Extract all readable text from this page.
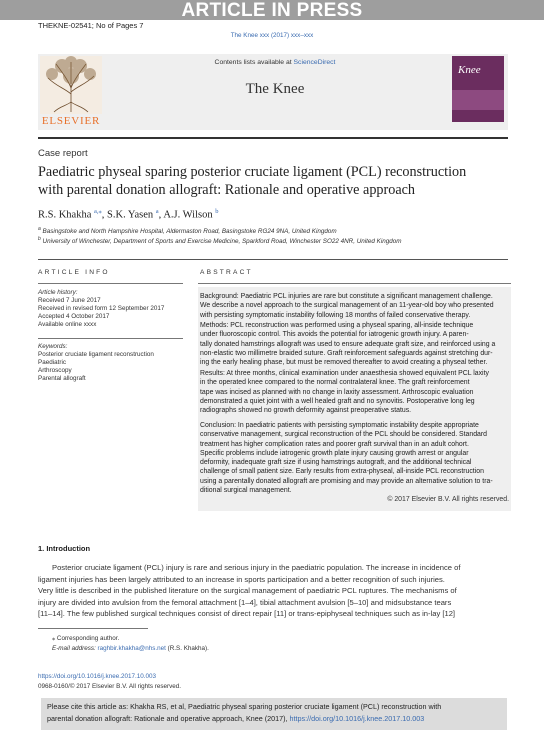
ARTICLE IN PRESS
THEKNE-02541; No of Pages 7
The Knee xxx (2017) xxx–xxx
ELSEVIER
Contents lists available at ScienceDirect
The Knee
Knee
Case report
Paediatric physeal sparing posterior cruciate ligament (PCL) reconstruction
with parental donation allograft: Rationale and operative approach
R.S. Khakha $^{a,⁎}$, S.K. Yasen $^a$, A.J. Wilson $^b$
$^a$ Basingstoke and North Hampshire Hospital, Aldermaston Road, Basingstoke RG24 9NA, United Kingdom
$^b$ University of Winchester, Department of Sports and Exercise Medicine, Sparkford Road, Winchester SO22 4NR, United Kingdom
ARTICLE INFO
Article history:
Received 7 June 2017
Received in revised form 12 September 2017
Accepted 4 October 2017
Available online xxxx
Keywords:
Posterior cruciate ligament reconstruction
Paediatric
Arthroscopy
Parental allograft
ABSTRACT
Background: Paediatric PCL injuries are rare but constitute a significant management challenge.
We describe a novel approach to the surgical management of an 11-year-old boy who presented
with persisting symptomatic instability following 18 months of failed conservative therapy.
Methods: PCL reconstruction was performed using a physeal sparing, all-inside technique
under fluoroscopic control. This avoids the potential for iatrogenic growth injury. A paren-
tally donated hamstrings allograft was used to ensure adequate graft size, and reinforced using a
non-elastic two millimetre braided suture. Graft reinforcement safeguards against stretching dur-
ing the early healing phase, but must be removed thereafter to avoid creating a physeal tether.
Results: At three months, clinical examination under anaesthesia showed equivalent PCL laxity
in the operated knee compared to the normal contralateral knee. The graft reinforcement
tape was incised as planned with no change in laxity assessment. Arthroscopic evaluation
demonstrated a quiet joint with a well healed graft and no synovitis. Postoperative long leg
radiographs showed no growth deformity against preoperative status.
Conclusion: In paediatric patients with persisting symptomatic instability despite appropriate
conservative management, surgical reconstruction of the PCL should be considered. Standard
treatment has higher complication rates and poorer graft survival than in an adult cohort.
Specific problems include iatrogenic growth plate injury causing growth arrest or angular
deformity, inadequate graft size if using hamstrings autograft, and the additional technical
challenge of small patient size. Early results from extra-physeal, all-inside PCL reconstruction
using a parentally donated allograft are promising and may provide an alternative solution to tra-
ditional surgical management.
© 2017 Elsevier B.V. All rights reserved.
1. Introduction
Posterior cruciate ligament (PCL) injury is rare and serious injury in the paediatric population. The increase in incidence of
ligament injuries has been largely attributed to an increase in sports participation and a better recognition of such injuries.
Very little is described in the published literature on the surgical management of paediatric PCL ruptures. The mechanisms of
injury are divided into avulsion from the femoral attachment [1–4], tibial attachment avulsion [5–10] and midsubstance tears
[11–14]. The few published surgical techniques consist of direct repair [11] or trans-epiphyseal techniques such as in-lay [12]
⁎ Corresponding author.
E-mail address: raghbir.khakha@nhs.net (R.S. Khakha).
https://doi.org/10.1016/j.knee.2017.10.003
0968-0160/© 2017 Elsevier B.V. All rights reserved.
Please cite this article as: Khakha RS, et al, Paediatric physeal sparing posterior cruciate ligament (PCL) reconstruction with
parental donation allograft: Rationale and operative approach, Knee (2017), https://doi.org/10.1016/j.knee.2017.10.003
